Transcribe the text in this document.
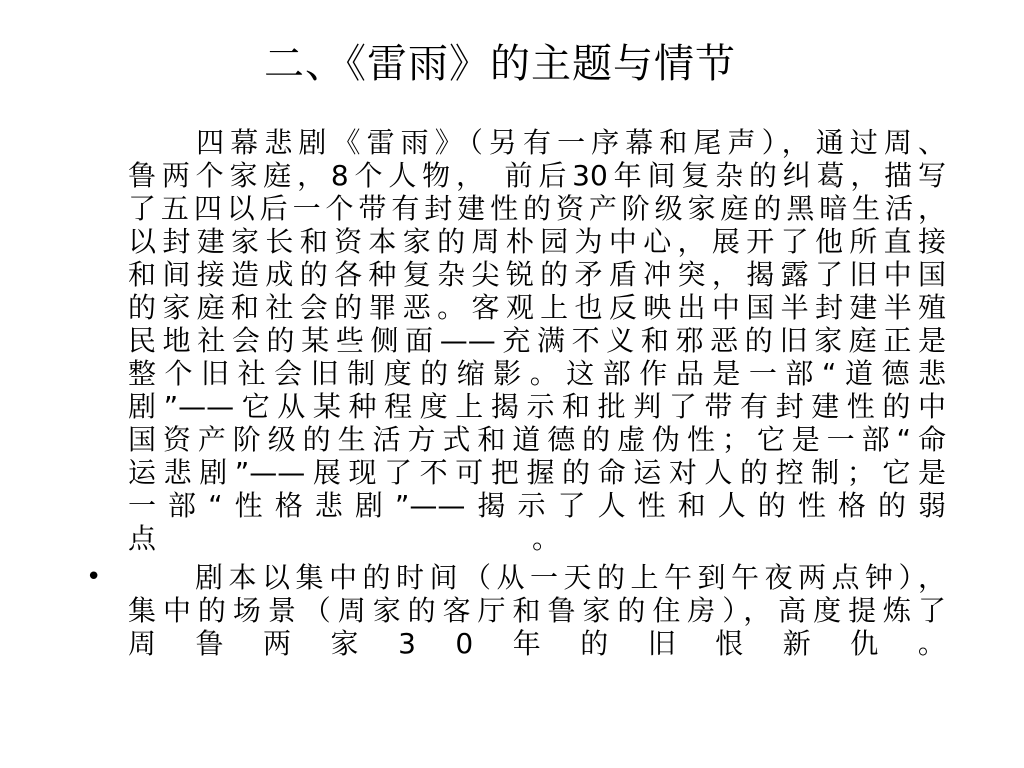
二、《雷雨》的主题与情节
　　四幕悲剧《雷雨》（另有一序幕和尾声），通过周、
鲁两个家庭，8个人物， 前后30年间复杂的纠葛，描写
了五四以后一个带有封建性的资产阶级家庭的黑暗生活，
以封建家长和资本家的周朴园为中心，展开了他所直接
和间接造成的各种复杂尖锐的矛盾冲突，揭露了旧中国
的家庭和社会的罪恶。客观上也反映出中国半封建半殖
民地社会的某些侧面——充满不义和邪恶的旧家庭正是
整个旧社会旧制度的缩影。这部作品是一部“道德悲
剧”——它从某种程度上揭示和批判了带有封建性的中
国资产阶级的生活方式和道德的虚伪性；它是一部“命
运悲剧”——展现了不可把握的命运对人的控制；它是
一部“性格悲剧”——揭示了人性和人的性格的弱
点	。
• 　　剧本以集中的时间（从一天的上午到午夜两点钟），
集中的场景（周家的客厅和鲁家的住房），高度提炼了
周 鲁 两 家 3 0 年 的 旧 恨 新 仇 。
